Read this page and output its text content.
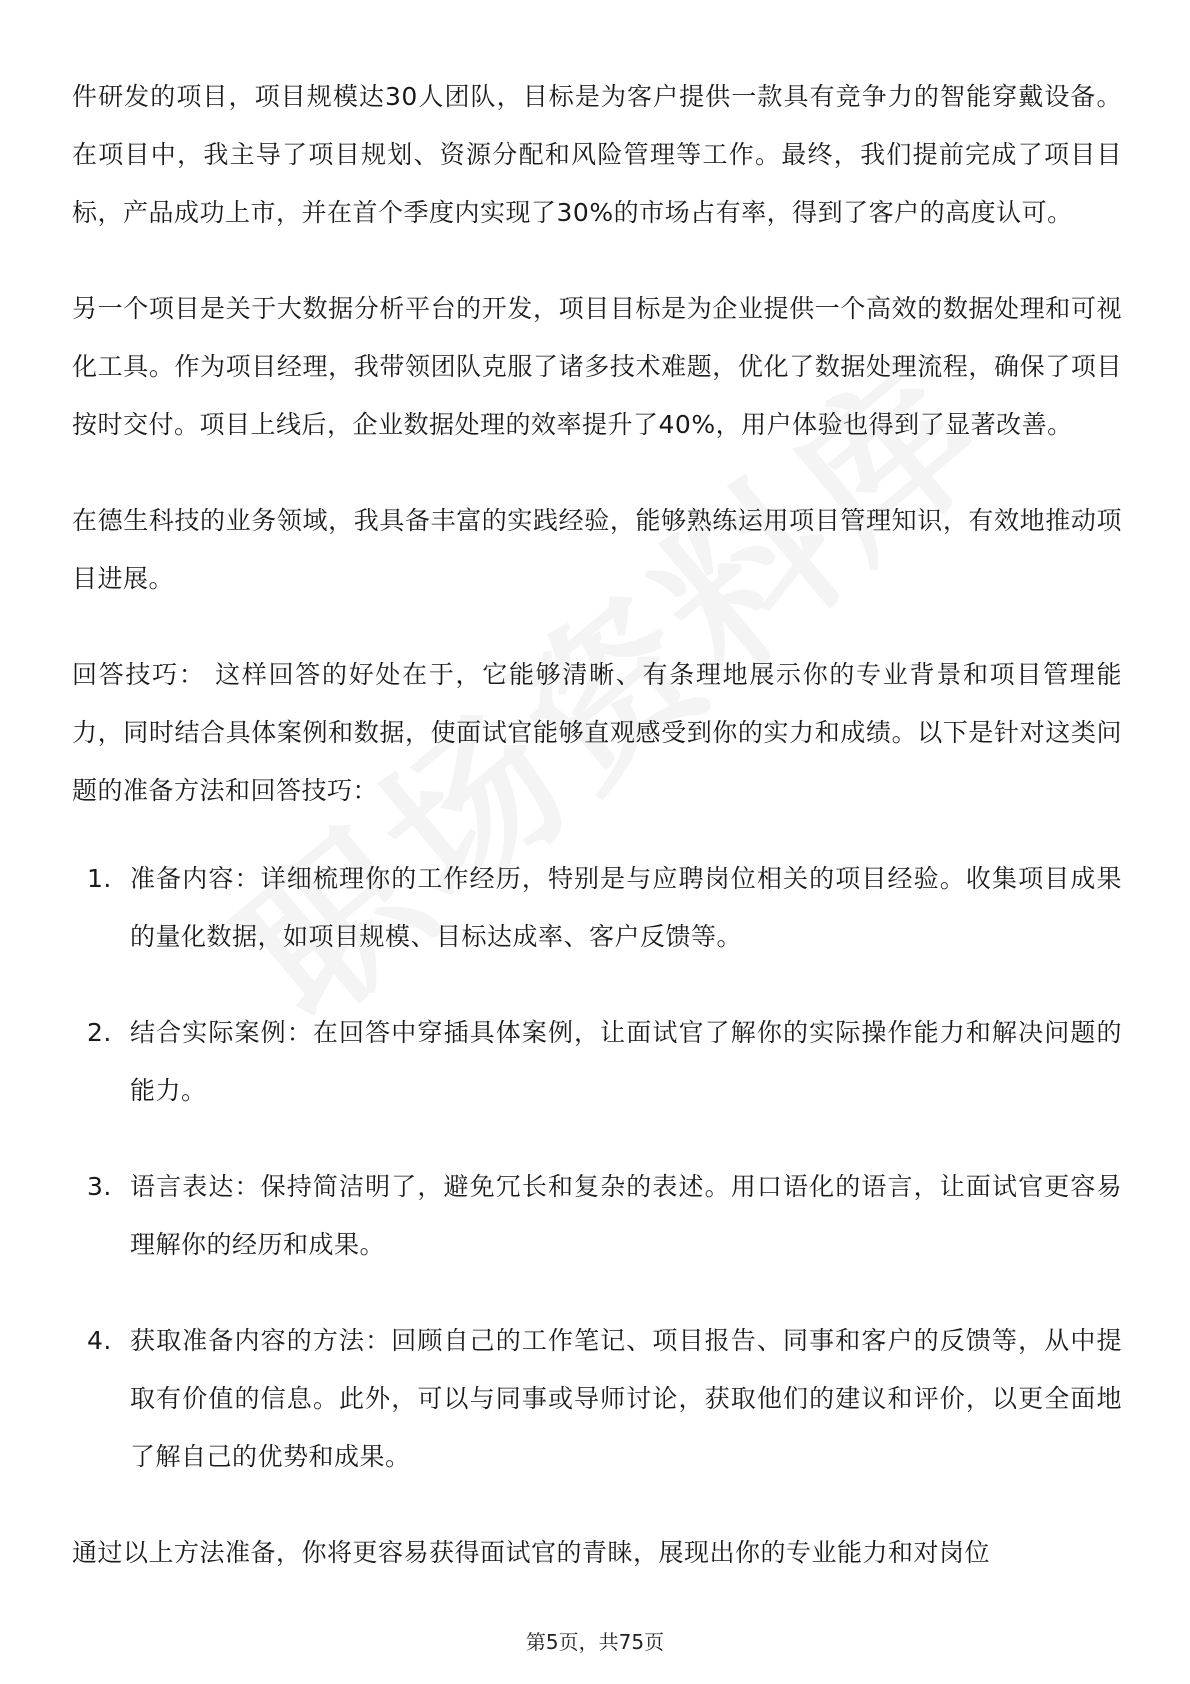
件研发的项目，项目规模达30人团队，目标是为客户提供一款具有竞争力的智能穿戴设备。在项目中，我主导了项目规划、资源分配和风险管理等工作。最终，我们提前完成了项目目标，产品成功上市，并在首个季度内实现了30%的市场占有率，得到了客户的高度认可。

另一个项目是关于大数据分析平台的开发，项目目标是为企业提供一个高效的数据处理和可视化工具。作为项目经理，我带领团队克服了诸多技术难题，优化了数据处理流程，确保了项目按时交付。项目上线后，企业数据处理的效率提升了40%，用户体验也得到了显著改善。

在德生科技的业务领域，我具备丰富的实践经验，能够熟练运用项目管理知识，有效地推动项目进展。

回答技巧： 这样回答的好处在于，它能够清晰、有条理地展示你的专业背景和项目管理能力，同时结合具体案例和数据，使面试官能够直观感受到你的实力和成绩。以下是针对这类问题的准备方法和回答技巧：

1. 准备内容：详细梳理你的工作经历，特别是与应聘岗位相关的项目经验。收集项目成果的量化数据，如项目规模、目标达成率、客户反馈等。
2. 结合实际案例：在回答中穿插具体案例，让面试官了解你的实际操作能力和解决问题的能力。
3. 语言表达：保持简洁明了，避免冗长和复杂的表述。用口语化的语言，让面试官更容易理解你的经历和成果。
4. 获取准备内容的方法：回顾自己的工作笔记、项目报告、同事和客户的反馈等，从中提取有价值的信息。此外，可以与同事或导师讨论，获取他们的建议和评价，以更全面地了解自己的优势和成果。

通过以上方法准备，你将更容易获得面试官的青睐，展现出你的专业能力和对岗位

第5页，共75页
